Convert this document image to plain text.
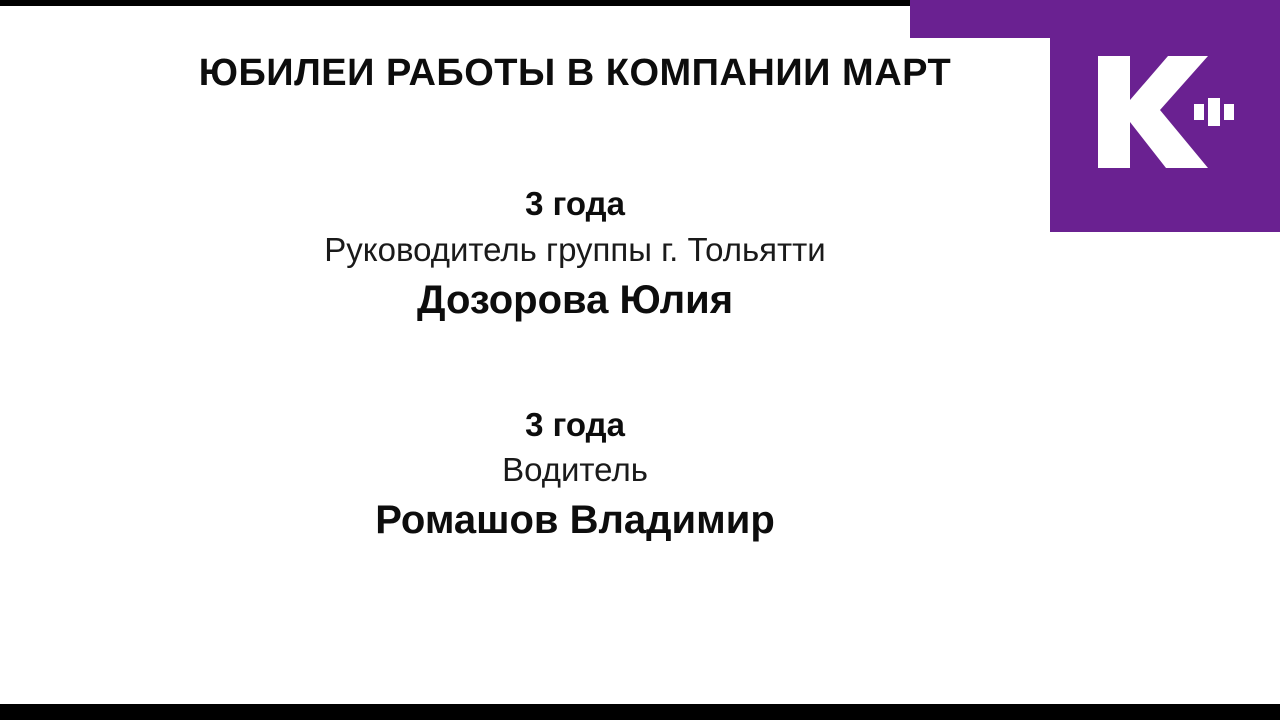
ЮБИЛЕИ РАБОТЫ В КОМПАНИИ МАРТ
3 года
Руководитель группы г. Тольятти
Дозорова Юлия
3 года
Водитель
Ромашов Владимир
